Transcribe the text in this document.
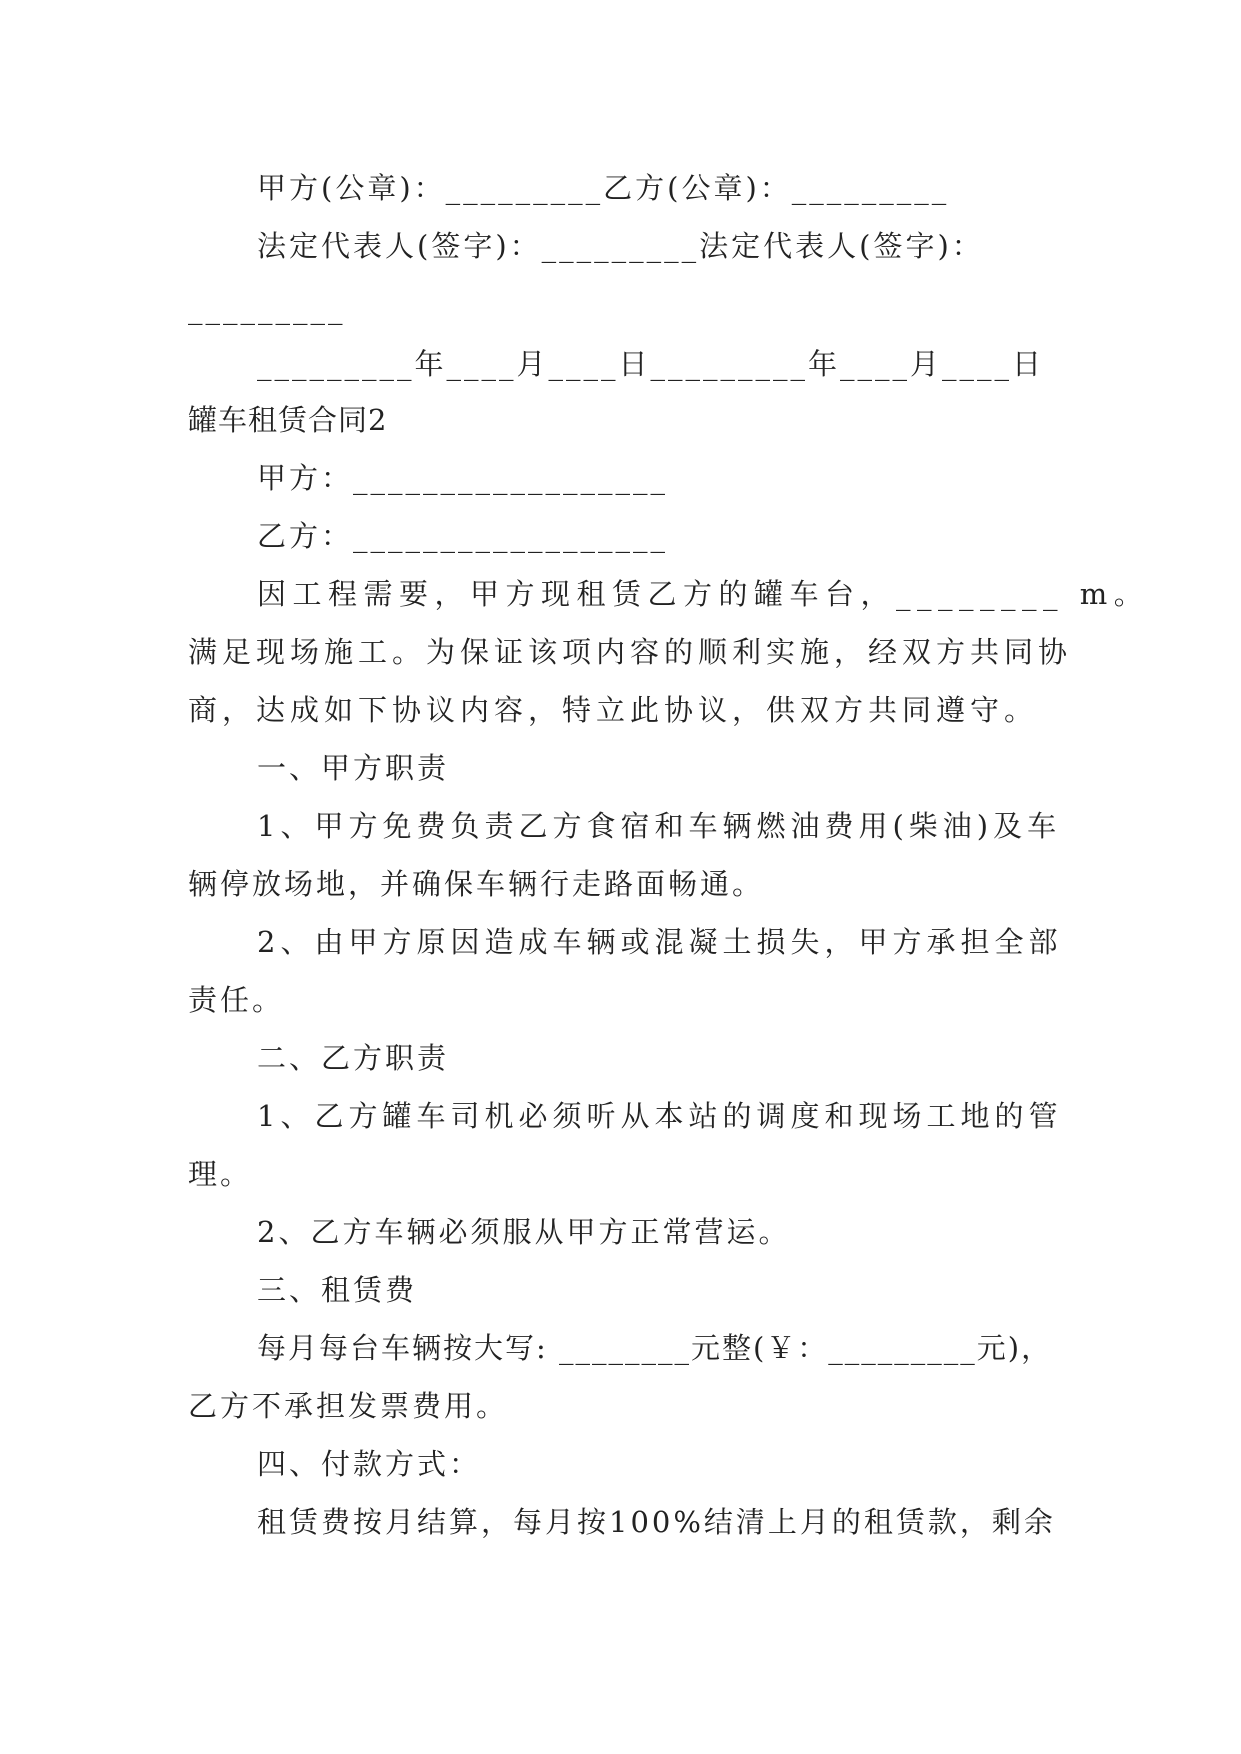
甲方(公章)：_________乙方(公章)：_________
法定代表人(签字)：_________法定代表人(签字)：
_________
_________年____月____日_________年____月____日
罐车租赁合同2
甲方：__________________
乙方：__________________
因工程需要，甲方现租赁乙方的罐车台，________ m。
满足现场施工。为保证该项内容的顺利实施，经双方共同协
商，达成如下协议内容，特立此协议，供双方共同遵守。
一、甲方职责
1、甲方免费负责乙方食宿和车辆燃油费用(柴油)及车
辆停放场地，并确保车辆行走路面畅通。
2、由甲方原因造成车辆或混凝土损失，甲方承担全部
责任。
二、乙方职责
1、乙方罐车司机必须听从本站的调度和现场工地的管
理。
2、乙方车辆必须服从甲方正常营运。
三、租赁费
每月每台车辆按大写: ________元整(￥：_________元)，
乙方不承担发票费用。
四、付款方式：
租赁费按月结算，每月按100%结清上月的租赁款，剩余
